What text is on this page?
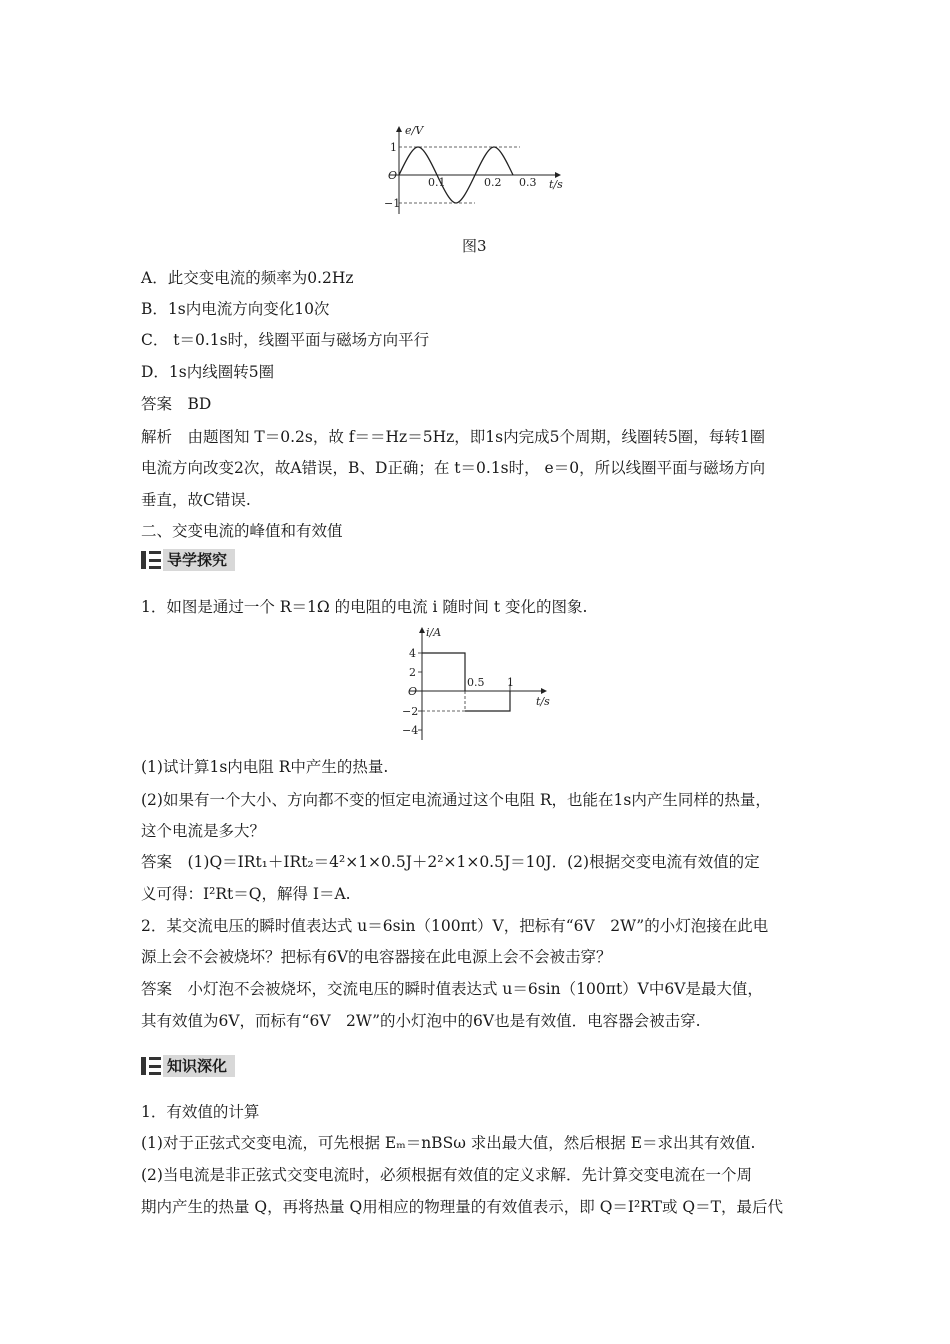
e/V
t/s
O
1
−1
0.1	0.2 0.3
图3
A．此交变电流的频率为0.2Hz
B．1s内电流方向变化10次
C． t＝0.1s时，线圈平面与磁场方向平行
D．1s内线圈转5圈
答案　BD
解析　由题图知 T＝0.2s，故 f＝＝Hz＝5Hz，即1s内完成5个周期，线圈转5圈，每转1圈
电流方向改变2次，故A错误，B、D正确；在 t＝0.1s时， e＝0，所以线圈平面与磁场方向
垂直，故C错误.
二、交变电流的峰值和有效值
导学探究
1．如图是通过一个 R＝1Ω 的电阻的电流 i 随时间 t 变化的图象.
i/A
t/s
O
4
2
−2
−4
0.5 1
(1)试计算1s内电阻 R中产生的热量.
(2)如果有一个大小、方向都不变的恒定电流通过这个电阻 R，也能在1s内产生同样的热量，
这个电流是多大？
答案　(1)Q＝IRt₁＋IRt₂＝4²×1×0.5J＋2²×1×0.5J＝10J．(2)根据交变电流有效值的定
义可得：I²Rt＝Q，解得 I＝A.
2．某交流电压的瞬时值表达式 u＝6sin（100πt）V，把标有“6V　2W”的小灯泡接在此电
源上会不会被烧坏？把标有6V的电容器接在此电源上会不会被击穿？
答案　小灯泡不会被烧坏，交流电压的瞬时值表达式 u＝6sin（100πt）V中6V是最大值，
其有效值为6V，而标有“6V　2W”的小灯泡中的6V也是有效值．电容器会被击穿.
知识深化
1．有效值的计算
(1)对于正弦式交变电流，可先根据 Eₘ＝nBSω 求出最大值，然后根据 E＝求出其有效值.
(2)当电流是非正弦式交变电流时，必须根据有效值的定义求解．先计算交变电流在一个周
期内产生的热量 Q，再将热量 Q用相应的物理量的有效值表示，即 Q＝I²RT或 Q＝T，最后代
